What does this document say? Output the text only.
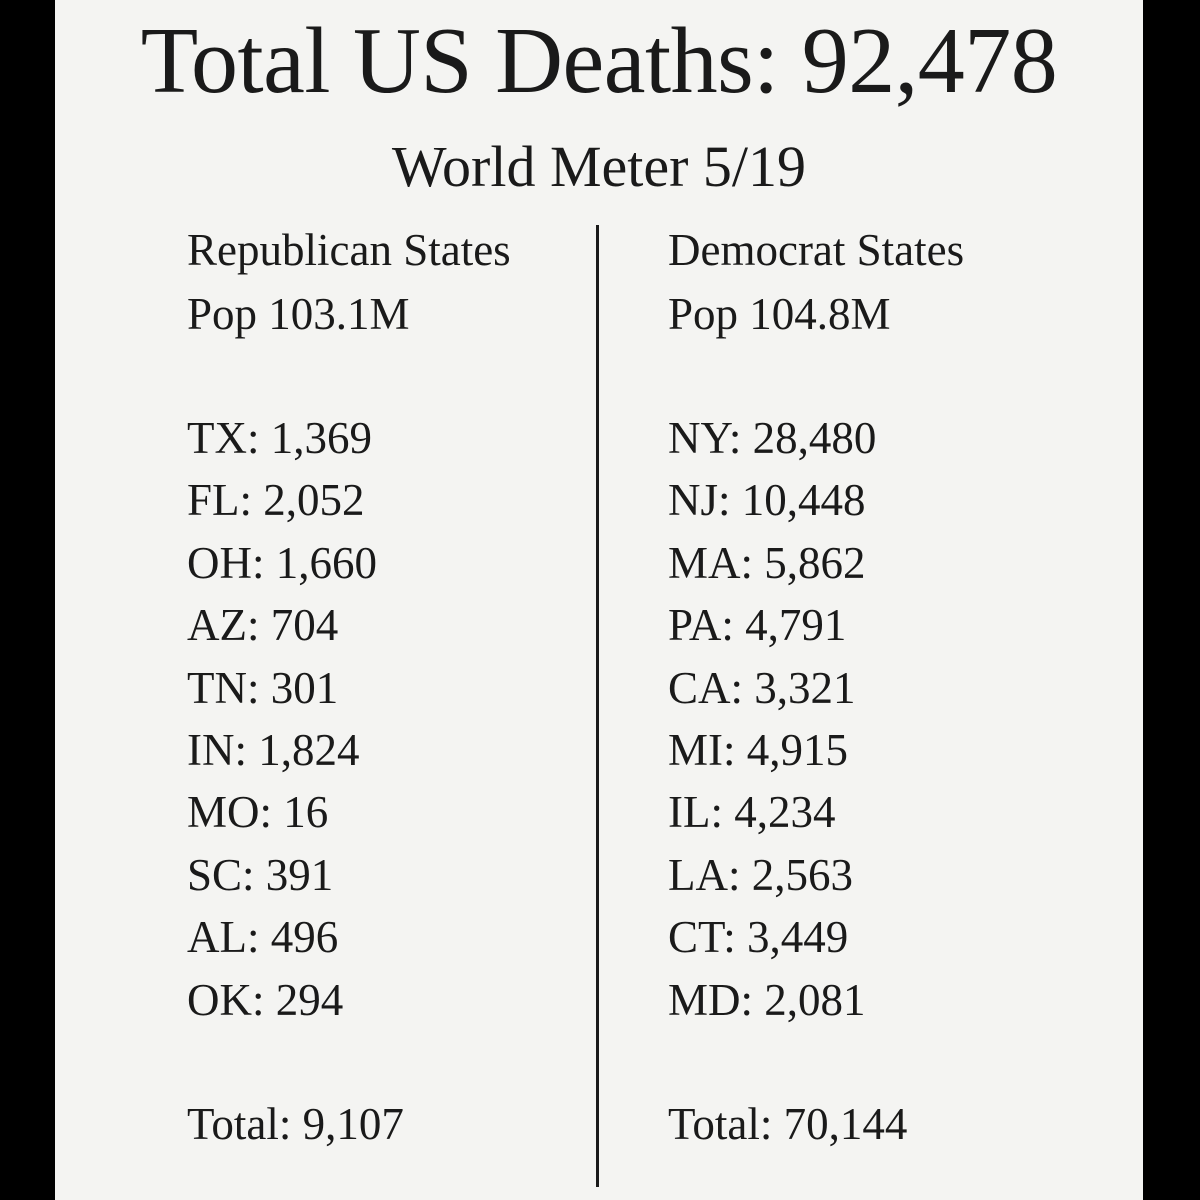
Total US Deaths: 92,478
World Meter 5/19
Republican States
Pop 103.1M
TX: 1,369
FL: 2,052
OH: 1,660
AZ: 704
TN: 301
IN: 1,824
MO: 16
SC: 391
AL: 496
OK: 294
Total: 9,107
Democrat States
Pop 104.8M
NY: 28,480
NJ: 10,448
MA: 5,862
PA: 4,791
CA: 3,321
MI: 4,915
IL: 4,234
LA: 2,563
CT: 3,449
MD: 2,081
Total: 70,144
